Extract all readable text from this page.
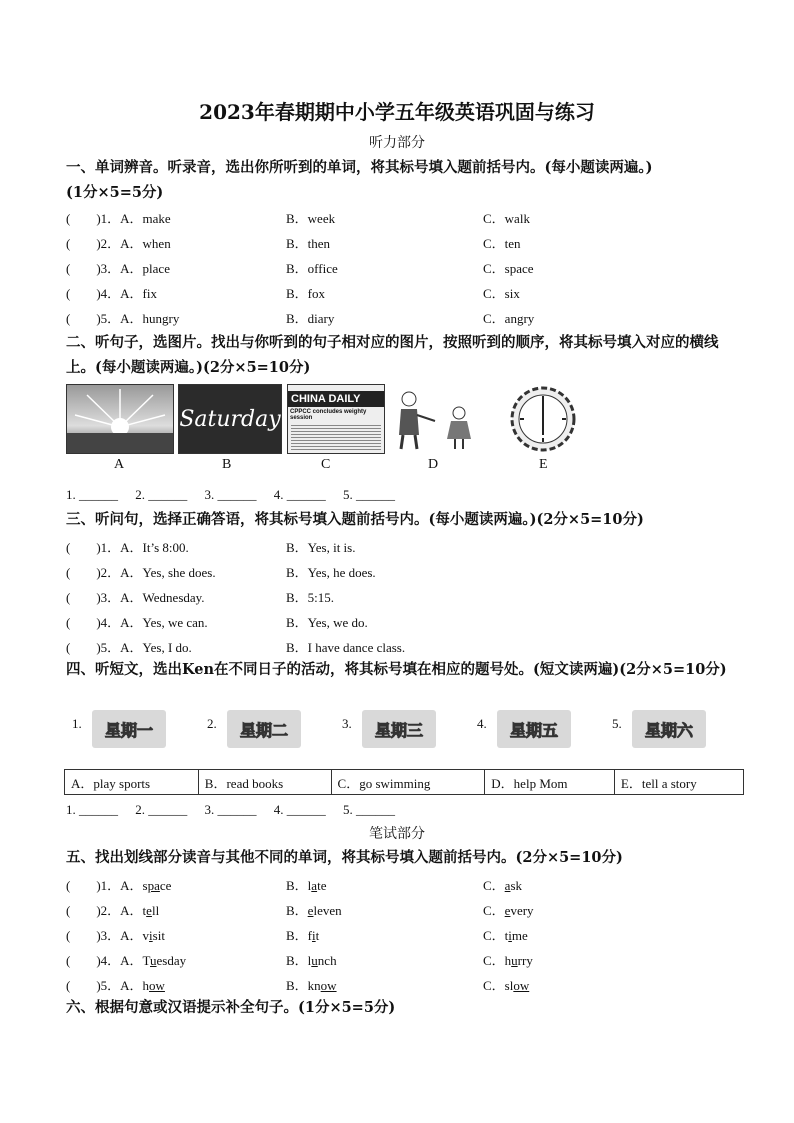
2023年春期期中小学五年级英语巩固与练习
听力部分
一、单词辨音。听录音，选出你所听到的单词，将其标号填入题前括号内。(每小题读两遍。)
(1分×5=5分)
(　　)1．A．make	B．week	C．walk
(　　)2．A．when	B．then	C．ten
(　　)3．A．place	B．office	C．space
(　　)4．A．fix	B．fox	C．six
(　　)5．A．hungry	B．diary	C．angry
二、听句子，选图片。找出与你听到的句子相对应的图片，按照听到的顺序，将其标号填入对应的横线上。(每小题读两遍。)(2分×5=10分)
Saturday
CHINA DAILY
CPPCC concludes weighty session
A	B	C	D	E
1. ______ 2. ______ 3. ______ 4. ______ 5. ______
三、听问句，选择正确答语，将其标号填入题前括号内。(每小题读两遍。)(2分×5=10分)
(　　)1．A．It’s 8:00.	B．Yes, it is.
(　　)2．A．Yes, she does.	B．Yes, he does.
(　　)3．A．Wednesday.	B．5:15.
(　　)4．A．Yes, we can.	B．Yes, we do.
(　　)5．A．Yes, I do.	B．I have dance class.
四、听短文，选出Ken在不同日子的活动，将其标号填在相应的题号处。(短文读两遍)(2分×5=10分)
1.	星期一	2.	星期二	3.	星期三	4.	星期五	5.	星期六
A．play sports	B．read books	C．go swimming	D．help Mom	E．tell a story
1. ______ 2. ______ 3. ______ 4. ______ 5. ______
笔试部分
五、找出划线部分读音与其他不同的单词，将其标号填入题前括号内。(2分×5=10分)
(　　)1．A．space	B．late	C．ask
(　　)2．A．tell	B．eleven	C．every
(　　)3．A．visit	B．fit	C．time
(　　)4．A．Tuesday	B．lunch	C．hurry
(　　)5．A．how	B．know	C．slow
六、根据句意或汉语提示补全句子。(1分×5=5分)
